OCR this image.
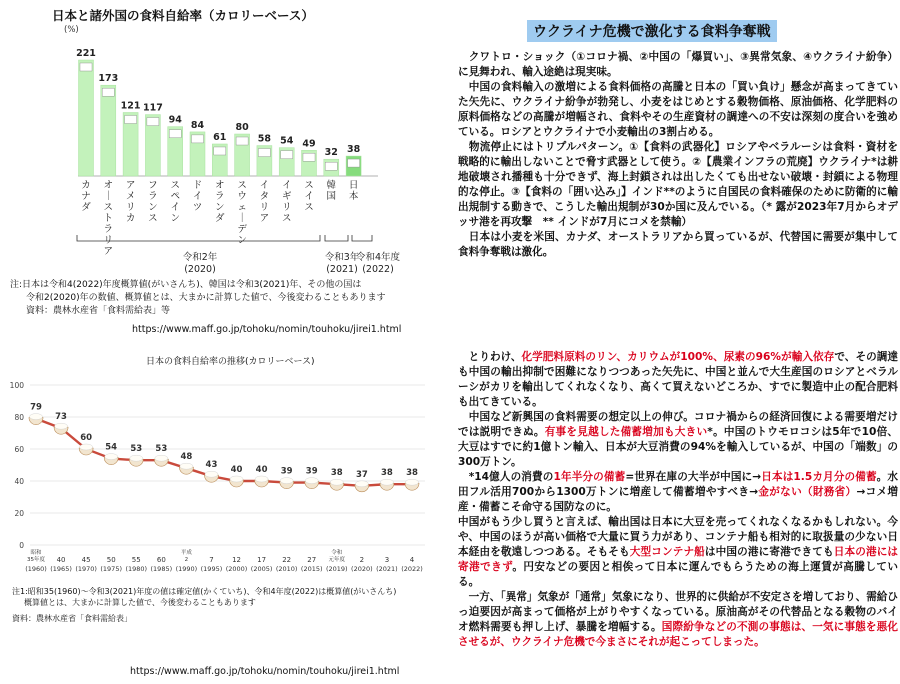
日本と諸外国の食料自給率（カロリーベース）
(%)
221
カ
ナ
ダ
173
オ
｜
ス
ト
ラ
リ
ア
121
ア
メ
リ
カ
117
フ
ラ
ン
ス
94
ス
ペ
イ
ン
84
ド
イ
ツ
61
オ
ラ
ン
ダ
80
ス
ウ
ェ
｜
デ
ン
58
イ
タ
リ
ア
54
イ
ギ
リ
ス
49
ス
イ
ス
32
韓
国
38
日
本
令和2年
(2020)
令和3年
(2021)
令和4年度
(2022)
注:日本は令和4(2022)年度概算値(がいさんち)、韓国は令和3(2021)年、その他の国は
令和2(2020)年の数値、概算値とは、大まかに計算した値で、今後変わることもあります
資料：農林水産省「食料需給表」等
https://www.maff.go.jp/tohoku/nomin/touhoku/jirei1.html
日本の食料自給率の推移(カロリーベース)
0
20
40
60
80
100
79
昭和
35年度
(1960)
73
40
(1965)
60
45
(1970)
54
50
(1975)
53
55
(1980)
53
60
(1985)
48
平成
2
(1990)
43
7
(1995)
40
12
(2000)
40
17
(2005)
39
22
(2010)
39
27
(2015)
38
令和
元年度
(2019)
37
2
(2020)
38
3
(2021)
38
4
(2022)
注1:昭和35(1960)～令和3(2021)年度の値は確定値(かくていち)、令和4年度(2022)は概算値(がいさんち)
概算値とは、大まかに計算した値で、今後変わることもあります
資料：農林水産省「食料需給表」
https://www.maff.go.jp/tohoku/nomin/touhoku/jirei1.html
ウクライナ危機で激化する食料争奪戦

　クワトロ・ショック（①コロナ禍、②中国の「爆買い」、③異常気象、④ウクライナ紛争）に見舞われ、輸入途絶は現実味。

　中国の食料輸入の激増による食料価格の高騰と日本の「買い負け」懸念が高まってきていた矢先に、ウクライナ紛争が勃発し、小麦をはじめとする穀物価格、原油価格、化学肥料の原料価格などの高騰が増幅され、食料やその生産資材の調達への不安は深刻の度合いを強めている。ロシアとウクライナで小麦輸出の3割占める。

　物流停止にはトリプルパターン。①【食料の武器化】ロシアやベラルーシは食料・資材を戦略的に輸出しないことで脅す武器として使う。②【農業インフラの荒廃】ウクライナ*は耕地破壊され播種も十分できず、海上封鎖されは出したくても出せない破壊・封鎖による物理的な停止。③【食料の「囲い込み」】インド**のように自国民の食料確保のために防衛的に輸出規制する動きで、こうした輸出規制が30か国に及んでいる。（* 露が2023年7月からオデッサ港を再攻撃　** インドが7月にコメを禁輸）

　日本は小麦を米国、カナダ、オーストラリアから買っているが、代替国に需要が集中して食料争奪戦は激化。

　とりわけ、化学肥料原料のリン、カリウムが100%、尿素の96%が輸入依存で、その調達も中国の輸出抑制で困難になりつつあった矢先に、中国と並んで大生産国のロシアとベラルーシがカリを輸出してくれなくなり、高くて買えないどころか、すでに製造中止の配合肥料も出てきている。

　中国など新興国の食料需要の想定以上の伸び。コロナ禍からの経済回復による需要増だけでは説明できぬ。有事を見越した備蓄増加も大きい*。中国のトウモロコシは5年で10倍、大豆はすでに約1億トン輸入、日本が大豆消費の94%を輸入しているが、中国の「端数」の300万トン。

　*14億人の消費の1年半分の備蓄=世界在庫の大半が中国に→日本は1.5カ月分の備蓄。水田フル活用700から1300万トンに増産して備蓄増やすべき→金がない（財務省）→コメ増産・備蓄こそ命守る国防なのに。

中国がもう少し買うと言えば、輸出国は日本に大豆を売ってくれなくなるかもしれない。今や、中国のほうが高い価格で大量に買う力があり、コンテナ船も相対的に取扱量の少ない日本経由を敬遠しつつある。そもそも大型コンテナ船は中国の港に寄港できても日本の港には寄港できず。円安などの要因と相俟って日本に運んでもらうための海上運賃が高騰している。

　一方、「異常」気象が「通常」気象になり、世界的に供給が不安定さを増しており、需給ひっ迫要因が高まって価格が上がりやすくなっている。原油高がその代替品となる穀物のバイオ燃料需要も押し上げ、暴騰を増幅する。国際紛争などの不測の事態は、一気に事態を悪化させるが、ウクライナ危機で今まさにそれが起こってしまった。
